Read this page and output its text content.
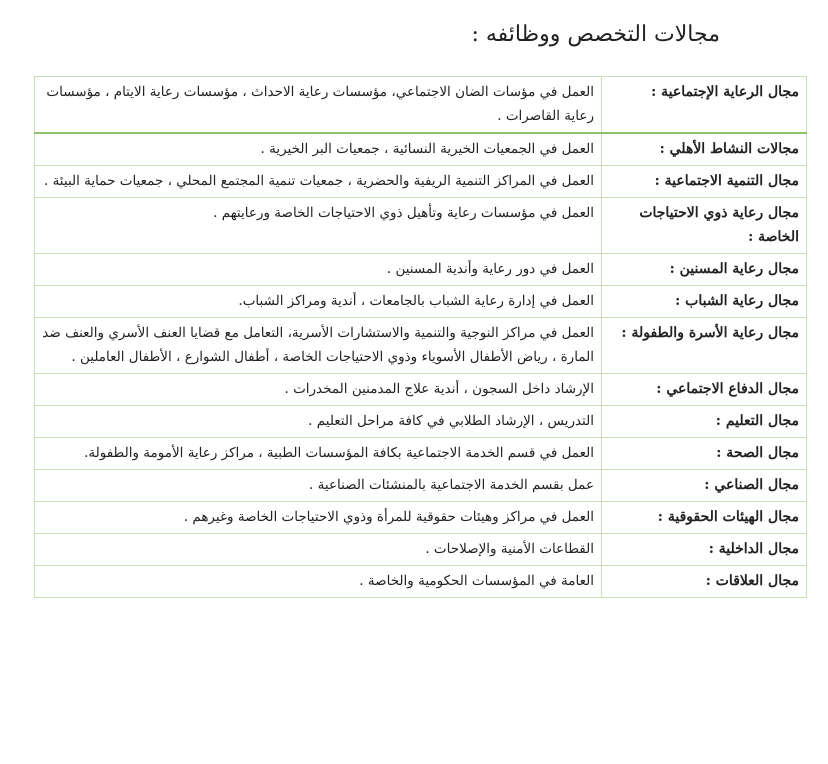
مجالات التخصص ووظائفه :
مجال الرعاية الإجتماعية :	العمل في مؤسات الضان الاجتماعي، مؤسسات رعاية الاحداث ، مؤسسات رعاية الايتام ، مؤسسات رعاية القاصرات .
مجالات النشاط الأهلي :	العمل في الجمعيات الخيرية النسائية ، جمعيات البر الخيرية .
مجال التنمية الاجتماعية :	العمل في المراكز التنمية الريفية والحضرية ، جمعيات تنمية المجتمع المحلي ، جمعيات حماية البيئة .
مجال رعاية ذوي الاحتياجات الخاصة :	العمل في مؤسسات رعاية وتأهيل ذوي الاحتياجات الخاصة ورعايتهم .
مجال رعاية المسنين :	العمل في دور رعاية وأندية المسنين .
مجال رعاية الشباب :	العمل في إدارة رعاية الشباب بالجامعات ، أندية ومراكز الشباب.
مجال رعاية الأسرة والطفولة :	العمل في مراكز النوجية والتنمية والاستشارات الأسرية، التعامل مع قضايا العنف الأسري والعنف ضد المارة ، رياض الأطفال الأسوياء وذوي الاحتياجات الخاصة ، أطفال الشوارع ، الأطفال العاملين .
مجال الدفاع الاجتماعي :	الإرشاد داخل السجون ، أندية علاج المدمنين المخدرات .
مجال التعليم :	التدريس ، الإرشاد الطلابي في كافة مراحل التعليم .
مجال الصحة :	العمل في قسم الخدمة الاجتماعية بكافة المؤسسات الطبية ، مراكز رعاية الأمومة والطفولة.
مجال الصناعي :	عمل بقسم الخدمة الاجتماعية بالمنشئات الصناعية .
مجال الهيئات الحقوقية :	العمل في مراكز وهيئات حقوقية للمرأة وذوي الاحتياجات الخاصة وغيرهم .
مجال الداخلية :	القطاعات الأمنية والإصلاحات .
مجال العلاقات :	العامة في المؤسسات الحكومية والخاصة .
